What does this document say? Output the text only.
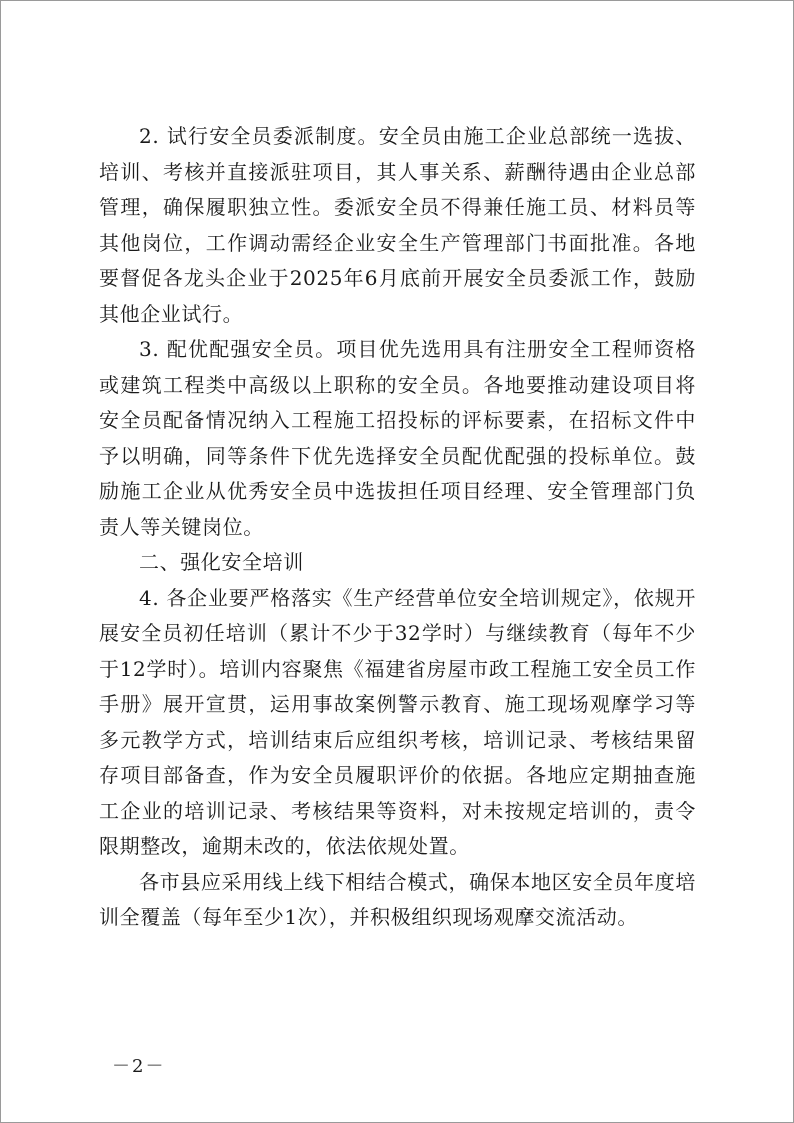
2. 试行安全员委派制度。安全员由施工企业总部统一选拔、培训、考核并直接派驻项目，其人事关系、薪酬待遇由企业总部管理，确保履职独立性。委派安全员不得兼任施工员、材料员等其他岗位，工作调动需经企业安全生产管理部门书面批准。各地要督促各龙头企业于2025年6月底前开展安全员委派工作，鼓励其他企业试行。

3. 配优配强安全员。项目优先选用具有注册安全工程师资格或建筑工程类中高级以上职称的安全员。各地要推动建设项目将安全员配备情况纳入工程施工招投标的评标要素，在招标文件中予以明确，同等条件下优先选择安全员配优配强的投标单位。鼓励施工企业从优秀安全员中选拔担任项目经理、安全管理部门负责人等关键岗位。

二、强化安全培训

4. 各企业要严格落实《生产经营单位安全培训规定》，依规开展安全员初任培训（累计不少于32学时）与继续教育（每年不少于12学时）。培训内容聚焦《福建省房屋市政工程施工安全员工作手册》展开宣贯，运用事故案例警示教育、施工现场观摩学习等多元教学方式，培训结束后应组织考核，培训记录、考核结果留存项目部备查，作为安全员履职评价的依据。各地应定期抽查施工企业的培训记录、考核结果等资料，对未按规定培训的，责令限期整改，逾期未改的，依法依规处置。

各市县应采用线上线下相结合模式，确保本地区安全员年度培训全覆盖（每年至少1次），并积极组织现场观摩交流活动。

－2－
